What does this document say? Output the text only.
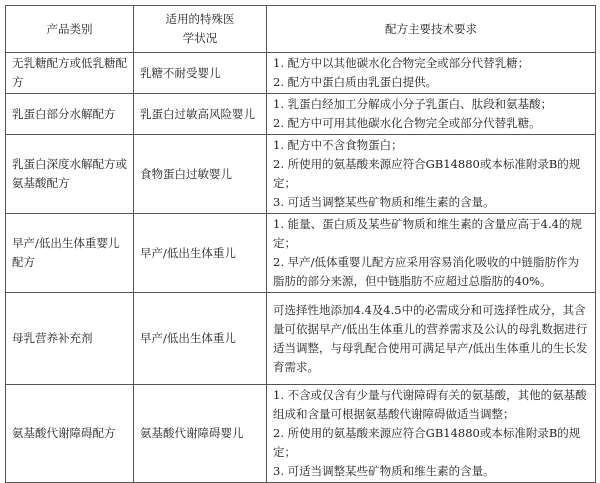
产品类别	适用的特殊医学状况	配方主要技术要求
无乳糖配方或低乳糖配方	乳糖不耐受婴儿	1. 配方中以其他碳水化合物完全或部分代替乳糖；
2. 配方中蛋白质由乳蛋白提供。

乳蛋白部分水解配方	乳蛋白过敏高风险婴儿	1. 乳蛋白经加工分解成小分子乳蛋白、肽段和氨基酸；
2. 配方中可用其他碳水化合物完全或部分代替乳糖。

乳蛋白深度水解配方或氨基酸配方	食物蛋白过敏婴儿	1. 配方中不含食物蛋白；
2. 所使用的氨基酸来源应符合GB14880或本标准附录B的规定；
3. 可适当调整某些矿物质和维生素的含量。

早产/低出生体重婴儿配方	早产/低出生体重儿	1. 能量、蛋白质及某些矿物质和维生素的含量应高于4.4的规定；
2. 早产/低体重婴儿配方应采用容易消化吸收的中链脂肪作为脂肪的部分来源，但中链脂肪不应超过总脂肪的40%。

母乳营养补充剂	早产/低出生体重儿	可选择性地添加4.4及4.5中的必需成分和可选择性成分，其含量可依据早产/低出生体重儿的营养需求及公认的母乳数据进行适当调整，与母乳配合使用可满足早产/低出生体重儿的生长发育需求。

氨基酸代谢障碍配方	氨基酸代谢障碍婴儿	1. 不含或仅含有少量与代谢障碍有关的氨基酸，其他的氨基酸组成和含量可根据氨基酸代谢障碍做适当调整；
2. 所使用的氨基酸来源应符合GB14880或本标准附录B的规定；
3. 可适当调整某些矿物质和维生素的含量。
